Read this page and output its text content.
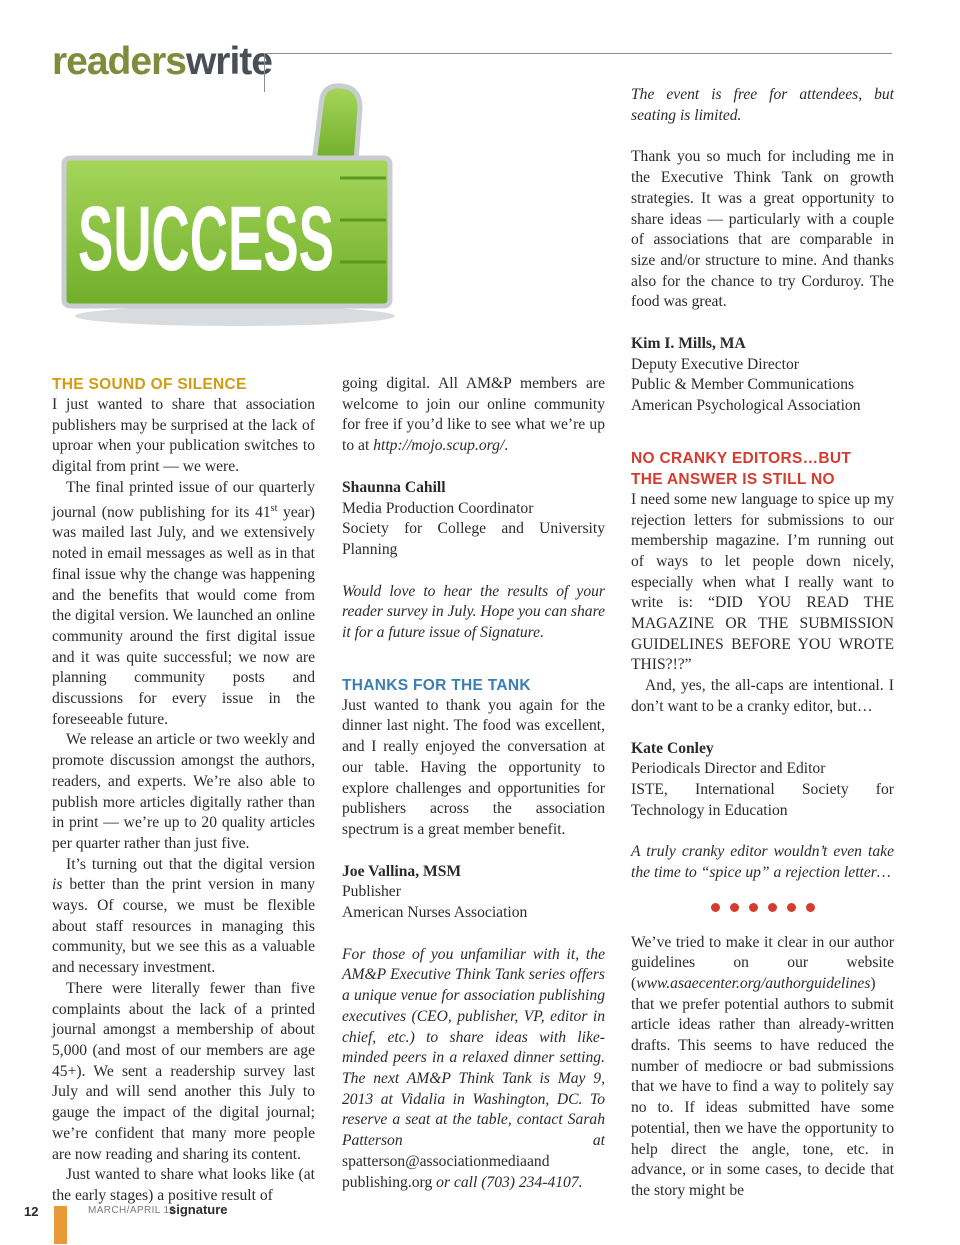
readerswrite
SUCCESS

THE SOUND OF SILENCE

I just wanted to share that association publishers may be surprised at the lack of uproar when your publication switches to digital from print — we were.

The final printed issue of our quarterly journal (now publishing for its 41st year) was mailed last July, and we extensively noted in email messages as well as in that final issue why the change was happening and the benefits that would come from the digital version. We launched an online community around the first digital issue and it was quite successful; we now are planning community posts and discussions for every issue in the foreseeable future.

We release an article or two weekly and promote discussion amongst the authors, readers, and experts. We’re also able to publish more articles digitally rather than in print — we’re up to 20 quality articles per quarter rather than just five.

It’s turning out that the digital version is better than the print version in many ways. Of course, we must be flexible about staff resources in managing this community, but we see this as a valuable and necessary investment.

There were literally fewer than five complaints about the lack of a printed journal amongst a membership of about 5,000 (and most of our members are age 45+). We sent a readership survey last July and will send another this July to gauge the impact of the digital journal; we’re confident that many more people are now reading and sharing its content.

Just wanted to share what looks like (at the early stages) a positive result of

going digital. All AM&P members are welcome to join our online community for free if you’d like to see what we’re up to at http://mojo.scup.org/.

Shaunna Cahill

Media Production Coordinator

Society for College and University Planning

Would love to hear the results of your reader survey in July. Hope you can share it for a future issue of Signature.

THANKS FOR THE TANK

Just wanted to thank you again for the dinner last night. The food was excellent, and I really enjoyed the conversation at our table. Having the opportunity to explore challenges and opportunities for publishers across the association spectrum is a great member benefit.

Joe Vallina, MSM

Publisher

American Nurses Association

For those of you unfamiliar with it, the AM&P Executive Think Tank series offers a unique venue for association publishing executives (CEO, publisher, VP, editor in chief, etc.) to share ideas with like-minded peers in a relaxed dinner setting. The next AM&P Think Tank is May 9, 2013 at Vidalia in Washington, DC. To reserve a seat at the table, contact Sarah Patterson at spatterson@associationmediaand publishing.org or call (703) 234-4107.

The event is free for attendees, but seating is limited.

Thank you so much for including me in the Executive Think Tank on growth strategies. It was a great opportunity to share ideas — particularly with a couple of associations that are comparable in size and/or structure to mine. And thanks also for the chance to try Corduroy. The food was great.

Kim I. Mills, MA

Deputy Executive Director

Public & Member Communications

American Psychological Association

NO CRANKY EDITORS…BUT

THE ANSWER IS STILL NO

I need some new language to spice up my rejection letters for submissions to our membership magazine. I’m running out of ways to let people down nicely, especially when what I really want to write is: “DID YOU READ THE MAGAZINE OR THE SUBMISSION GUIDELINES BEFORE YOU WROTE THIS?!?”

And, yes, the all-caps are intentional. I don’t want to be a cranky editor, but…

Kate Conley

Periodicals Director and Editor

ISTE, International Society for Technology in Education

A truly cranky editor wouldn’t even take the time to “spice up” a rejection letter…

We’ve tried to make it clear in our author guidelines on our website (www.asaecenter.org/authorguidelines) that we prefer potential authors to submit article ideas rather than already-written drafts. This seems to have reduced the number of mediocre or bad submissions that we have to find a way to politely say no to. If ideas submitted have some potential, then we have the opportunity to help direct the angle, tone, etc. in advance, or in some cases, to decide that the story might be

12	MARCH/APRIL 13
signature
